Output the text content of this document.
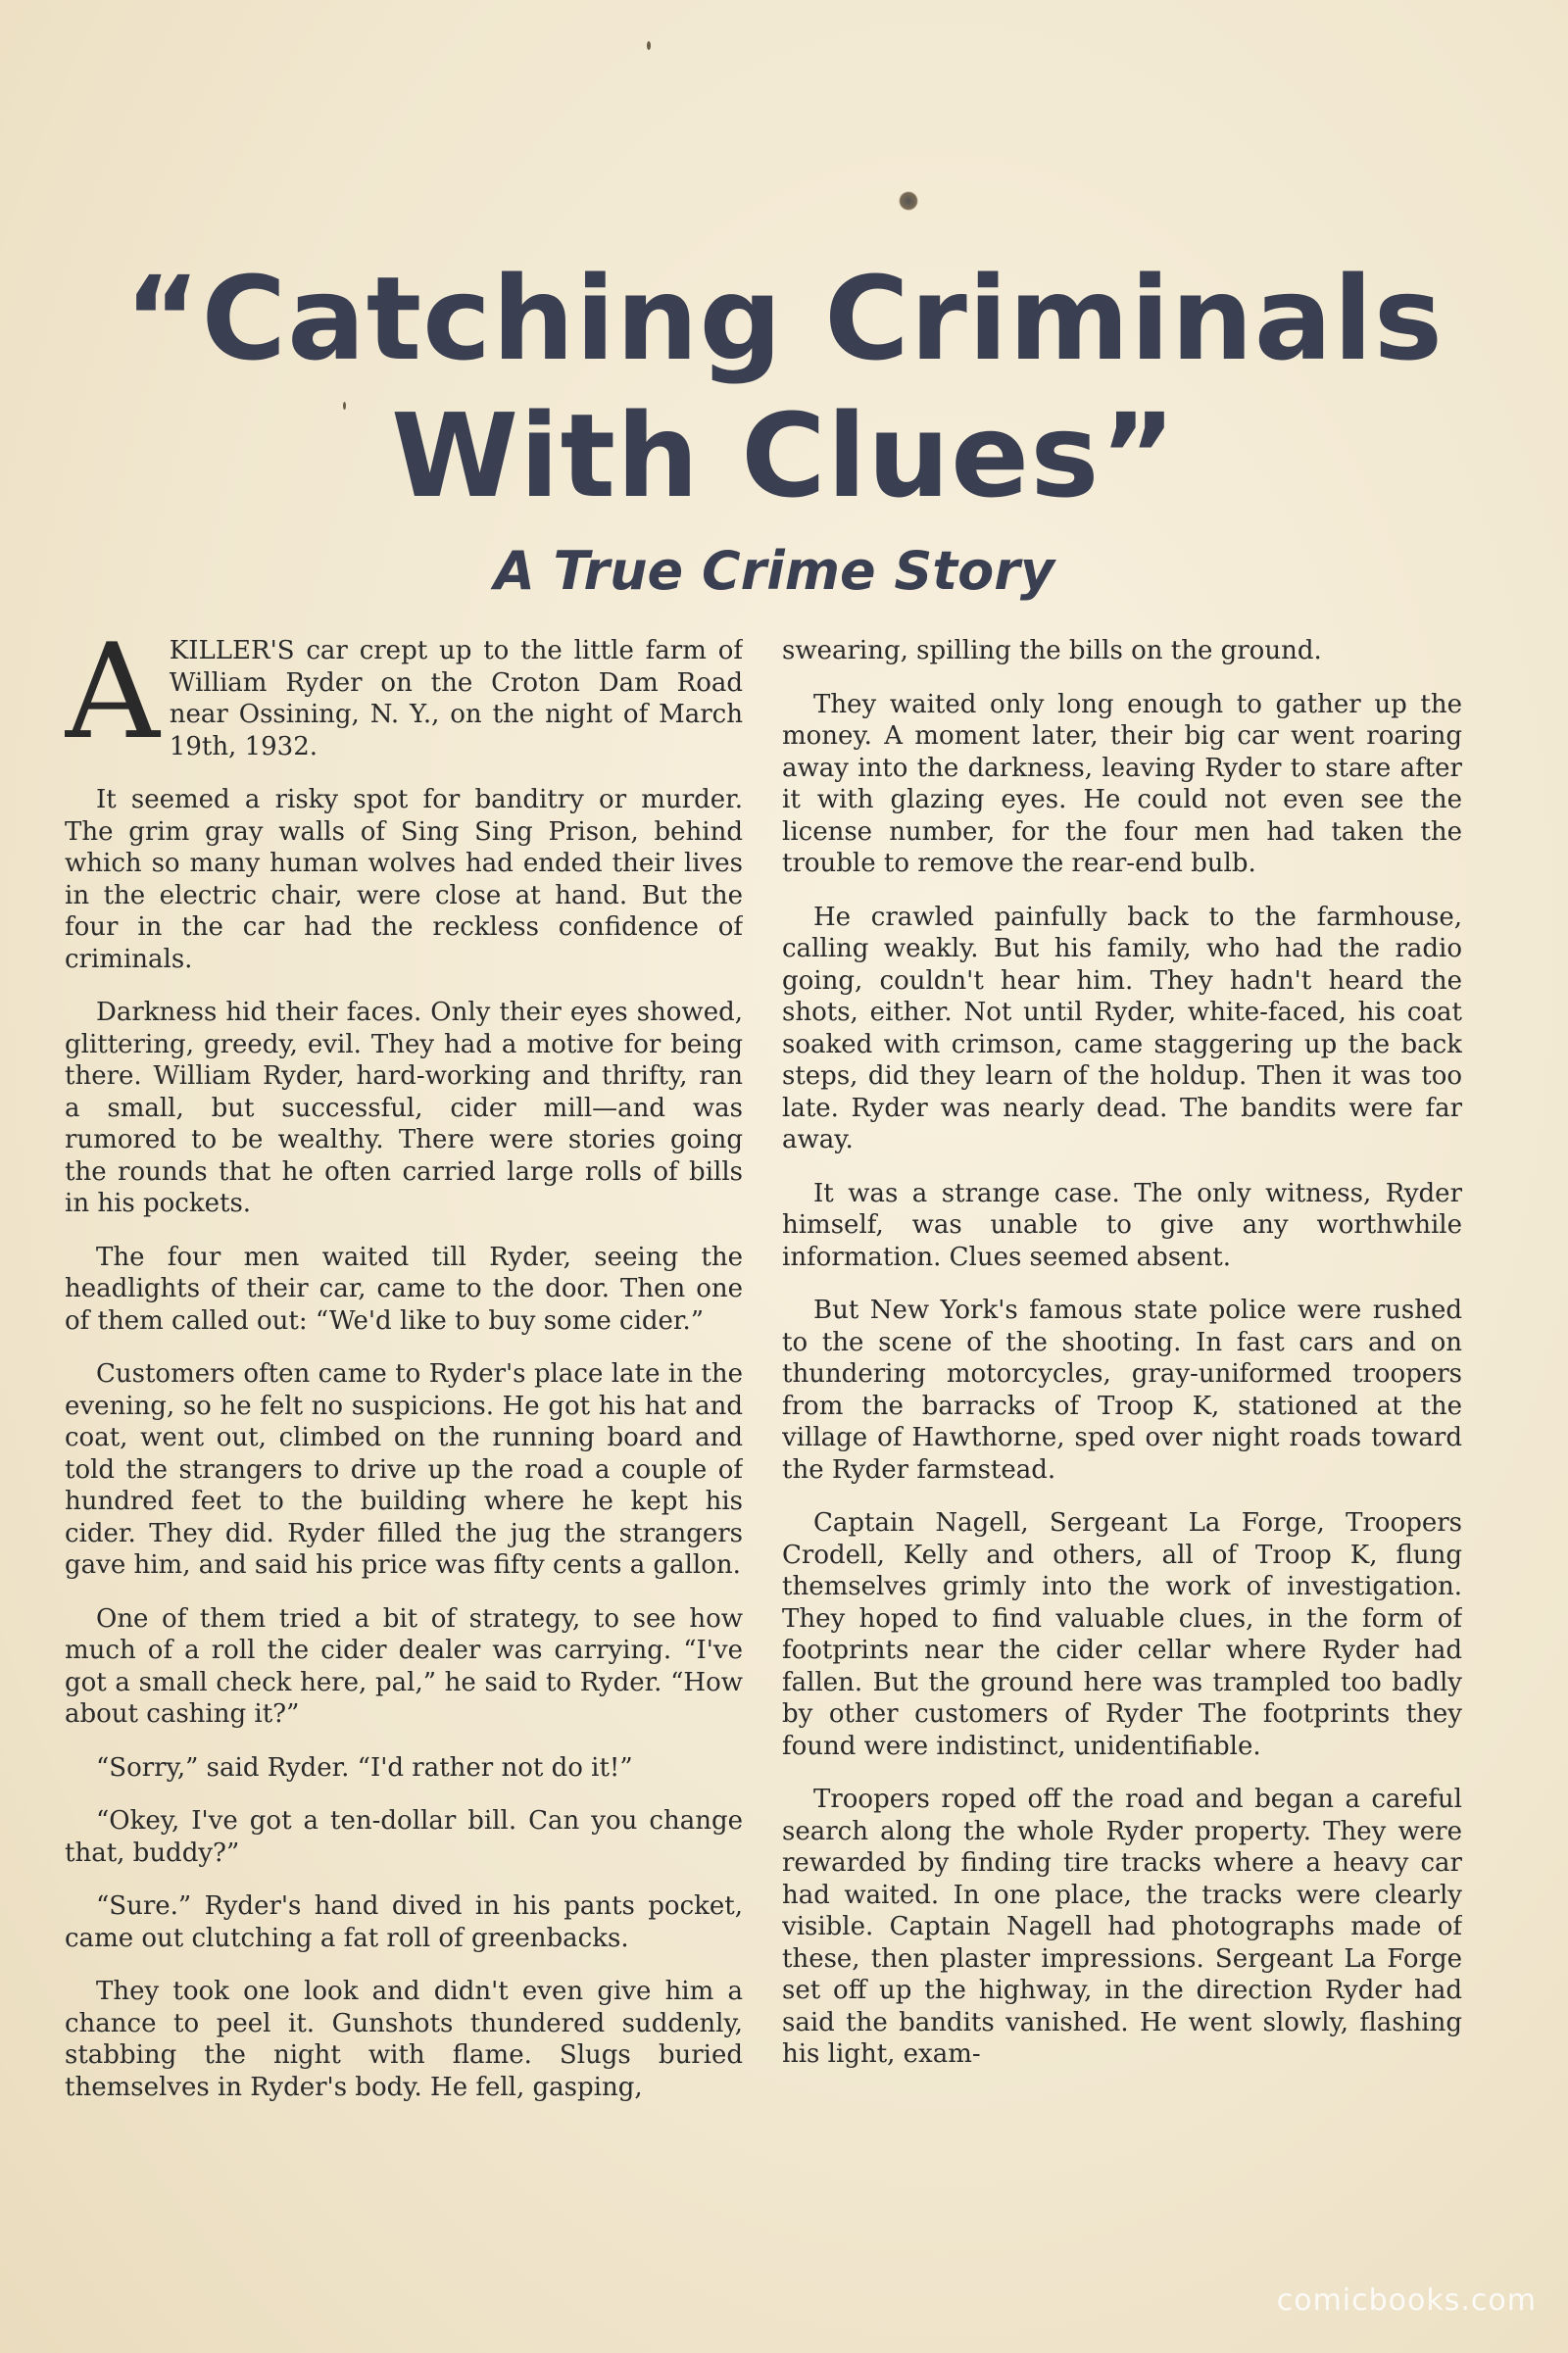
“Catching Criminals
With Clues”
A True Crime Story

AKILLER'S car crept up to the little farm of William Ryder on the Croton Dam Road near Ossining, N. Y., on the night of March 19th, 1932.

It seemed a risky spot for banditry or murder. The grim gray walls of Sing Sing Prison, behind which so many human wolves had ended their lives in the electric chair, were close at hand. But the four in the car had the reckless confidence of criminals.

Darkness hid their faces. Only their eyes showed, glittering, greedy, evil. They had a motive for being there. William Ryder, hard-working and thrifty, ran a small, but successful, cider mill—and was rumored to be wealthy. There were stories going the rounds that he often carried large rolls of bills in his pockets.

The four men waited till Ryder, seeing the headlights of their car, came to the door. Then one of them called out: “We'd like to buy some cider.”

Customers often came to Ryder's place late in the evening, so he felt no suspicions. He got his hat and coat, went out, climbed on the running board and told the strangers to drive up the road a couple of hundred feet to the building where he kept his cider. They did. Ryder filled the jug the strangers gave him, and said his price was fifty cents a gallon.

One of them tried a bit of strategy, to see how much of a roll the cider dealer was carrying. “I've got a small check here, pal,” he said to Ryder. “How about cashing it?”

“Sorry,” said Ryder. “I'd rather not do it!”

“Okey, I've got a ten-dollar bill. Can you change that, buddy?”

“Sure.” Ryder's hand dived in his pants pocket, came out clutching a fat roll of greenbacks.

They took one look and didn't even give him a chance to peel it. Gunshots thundered suddenly, stabbing the night with flame. Slugs buried themselves in Ryder's body. He fell, gasping,

swearing, spilling the bills on the ground.

They waited only long enough to gather up the money. A moment later, their big car went roaring away into the darkness, leaving Ryder to stare after it with glazing eyes. He could not even see the license number, for the four men had taken the trouble to remove the rear-end bulb.

He crawled painfully back to the farmhouse, calling weakly. But his family, who had the radio going, couldn't hear him. They hadn't heard the shots, either. Not until Ryder, white-faced, his coat soaked with crimson, came staggering up the back steps, did they learn of the holdup. Then it was too late. Ryder was nearly dead. The bandits were far away.

It was a strange case. The only witness, Ryder himself, was unable to give any worthwhile information. Clues seemed absent.

But New York's famous state police were rushed to the scene of the shooting. In fast cars and on thundering motorcycles, gray-uniformed troopers from the barracks of Troop K, stationed at the village of Hawthorne, sped over night roads toward the Ryder farmstead.

Captain Nagell, Sergeant La Forge, Troopers Crodell, Kelly and others, all of Troop K, flung themselves grimly into the work of investigation. They hoped to find valuable clues, in the form of footprints near the cider cellar where Ryder had fallen. But the ground here was trampled too badly by other customers of Ryder The footprints they found were indistinct, unidentifiable.

Troopers roped off the road and began a careful search along the whole Ryder property. They were rewarded by finding tire tracks where a heavy car had waited. In one place, the tracks were clearly visible. Captain Nagell had photographs made of these, then plaster impressions. Sergeant La Forge set off up the highway, in the direction Ryder had said the bandits vanished. He went slowly, flashing his light, exam-

comicbooks.com
